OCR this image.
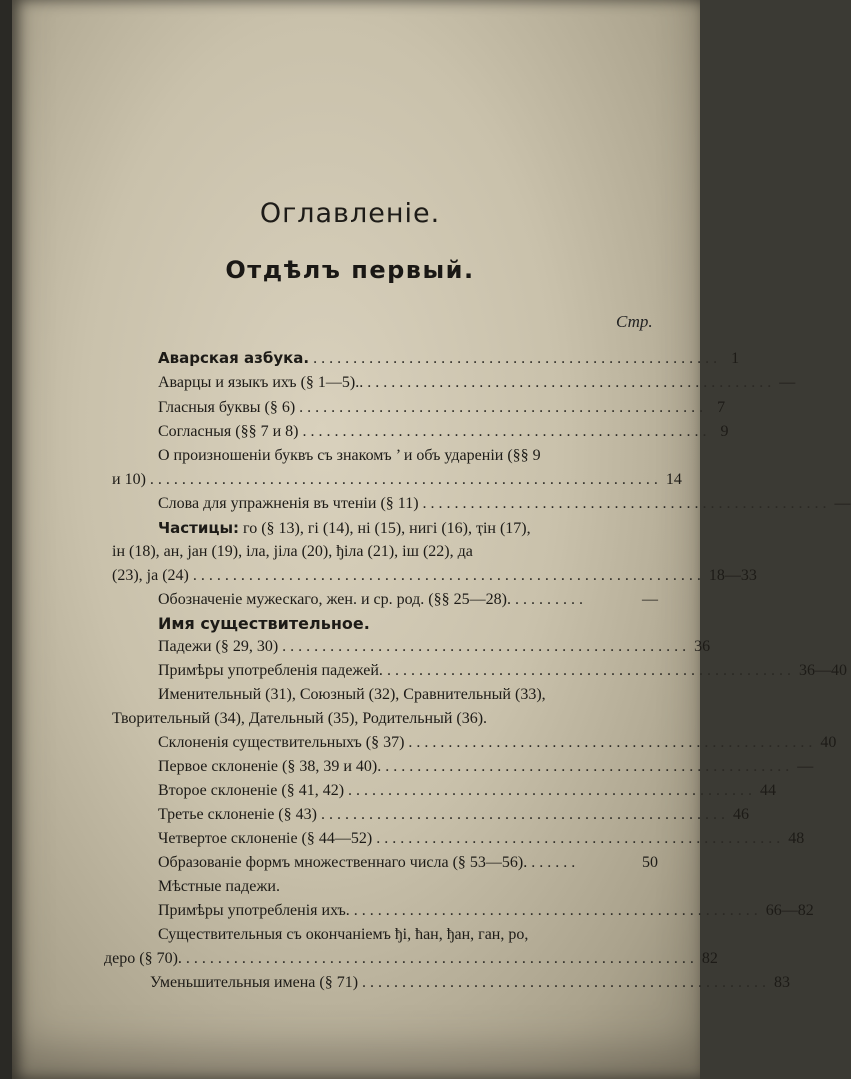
Оглавленіе.
Отдѣлъ первый.
Стр.
Аварская азбука. ................................................... 1
Аварцы и языкъ ихъ (§ 1—5).. ................................................... —
Гласныя буквы (§ 6) ................................................... 7
Согласныя (§§ 7 и 8) ................................................... 9
О произношеніи буквъ съ знакомъ ’ и объ удареніи (§§ 9
и 10) ................................................................ 14
Слова для упражненія въ чтеніи (§ 11) ................................................... —
Частицы: го (§ 13), гі (14), ні (15), нигі (16), ҭін (17),
ін (18), ан, јан (19), іла, jiла (20), ђіла (21), іш (22), да
(23), ја (24) ................................................................ 18—33
Обозначеніе мужескаго, жен. и ср. род. (§§ 25—28). .........	—
Имя существительное.
Падежи (§ 29, 30) ................................................... 36
Примѣры употребленія падежей. ................................................... 36—40
Именительный (31), Союзный (32), Сравнительный (33),
Творительный (34), Дательный (35), Родительный (36).
Склоненія существительныхъ (§ 37) ................................................... 40
Первое склоненіе (§ 38, 39 и 40). ................................................... —
Второе склоненіе (§ 41, 42) ................................................... 44
Третье склоненіе (§ 43) ................................................... 46
Четвертое склоненіе (§ 44—52) ................................................... 48
Образованіе формъ множественнаго числа (§ 53—56). ......	50
Мѣстные падежи.
Примѣры употребленія ихъ. ................................................... 66—82
Существительныя съ окончаніемъ ђі, ћан, ђан, ган, ро,
деро (§ 70). ................................................................ 82
Уменьшительныя имена (§ 71) ................................................... 83
